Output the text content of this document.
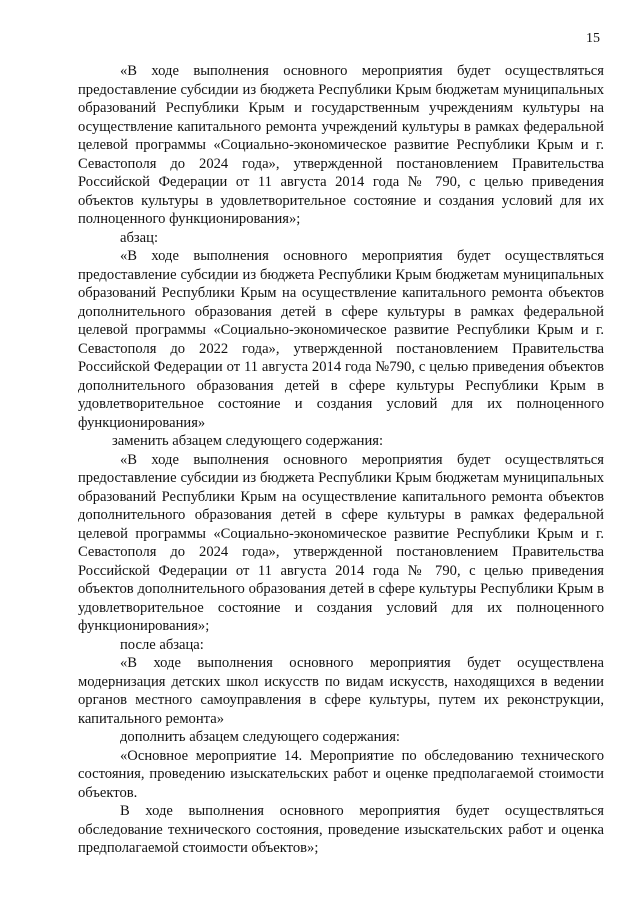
15

«В ходе выполнения основного мероприятия будет осуществляться предоставление субсидии из бюджета Республики Крым бюджетам муниципальных образований Республики Крым и государственным учреждениям культуры на осуществление капитального ремонта учреждений культуры в рамках федеральной целевой программы «Социально-экономическое развитие Республики Крым и г. Севастополя до 2024 года», утвержденной постановлением Правительства Российской Федерации от 11 августа 2014 года № 790, с целью приведения объектов культуры в удовлетворительное состояние и создания условий для их полноценного функционирования»;

абзац:

«В ходе выполнения основного мероприятия будет осуществляться предоставление субсидии из бюджета Республики Крым бюджетам муниципальных образований Республики Крым на осуществление капитального ремонта объектов дополнительного образования детей в сфере культуры в рамках федеральной целевой программы «Социально-экономическое развитие Республики Крым и г. Севастополя до 2022 года», утвержденной постановлением Правительства Российской Федерации от 11 августа 2014 года №790, с целью приведения объектов дополнительного образования детей в сфере культуры Республики Крым в удовлетворительное состояние и создания условий для их полноценного функционирования»

заменить абзацем следующего содержания:

«В ходе выполнения основного мероприятия будет осуществляться предоставление субсидии из бюджета Республики Крым бюджетам муниципальных образований Республики Крым на осуществление капитального ремонта объектов дополнительного образования детей в сфере культуры в рамках федеральной целевой программы «Социально-экономическое развитие Республики Крым и г. Севастополя до 2024 года», утвержденной постановлением Правительства Российской Федерации от 11 августа 2014 года № 790, с целью приведения объектов дополнительного образования детей в сфере культуры Республики Крым в удовлетворительное состояние и создания условий для их полноценного функционирования»;

после абзаца:

«В ходе выполнения основного мероприятия будет осуществлена модернизация детских школ искусств по видам искусств, находящихся в ведении органов местного самоуправления в сфере культуры, путем их реконструкции, капитального ремонта»

дополнить абзацем следующего содержания:

«Основное мероприятие 14. Мероприятие по обследованию технического состояния, проведению изыскательских работ и оценке предполагаемой стоимости объектов.

В ходе выполнения основного мероприятия будет осуществляться обследование технического состояния, проведение изыскательских работ и оценка предполагаемой стоимости объектов»;
